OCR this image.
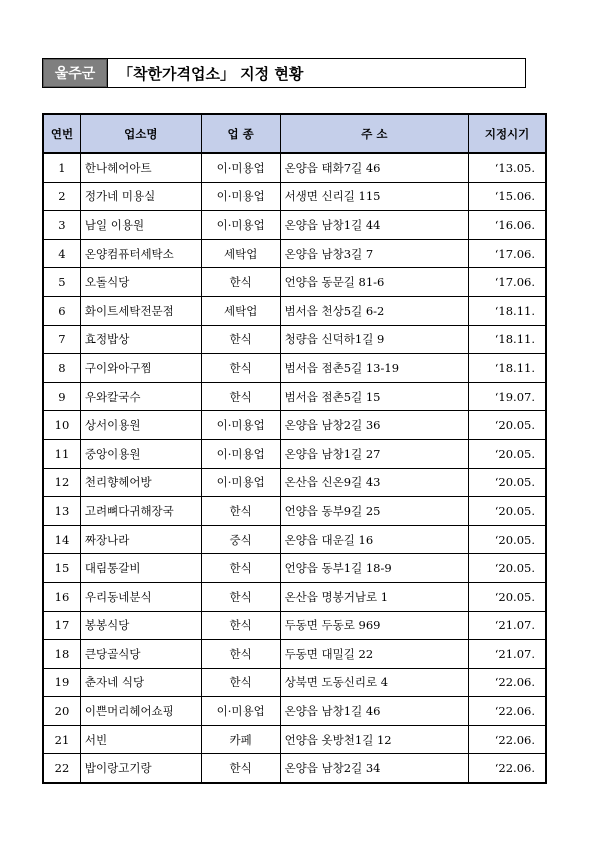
울주군	「착한가격업소」 지정 현황
연번	업소명	업 종	주 소	지정시기
1	한나헤어아트	이·미용업	온양읍 태화7길 46	‘13.05.
2	정가네 미용실	이·미용업	서생면 신리길 115	‘15.06.
3	남일 이용원	이·미용업	온양읍 남창1길 44	‘16.06.
4	온양컴퓨터세탁소	세탁업	온양읍 남창3길 7	‘17.06.
5	오돌식당	한식	언양읍 동문길 81-6	‘17.06.
6	화이트세탁전문점	세탁업	범서읍 천상5길 6-2	‘18.11.
7	효정밥상	한식	청량읍 신덕하1길 9	‘18.11.
8	구이와아구찜	한식	범서읍 점촌5길 13-19	‘18.11.
9	우와칼국수	한식	범서읍 점촌5길 15	‘19.07.
10	상서이용원	이·미용업	온양읍 남창2길 36	‘20.05.
11	중앙이용원	이·미용업	온양읍 남창1길 27	‘20.05.
12	천리향헤어방	이·미용업	온산읍 신온9길 43	‘20.05.
13	고려뼈다귀해장국	한식	언양읍 동부9길 25	‘20.05.
14	짜장나라	중식	온양읍 대운길 16	‘20.05.
15	대림통갈비	한식	언양읍 동부1길 18-9	‘20.05.
16	우리동네분식	한식	온산읍 명봉거남로 1	‘20.05.
17	봉봉식당	한식	두동면 두동로 969	‘21.07.
18	큰당골식당	한식	두동면 대밀길 22	‘21.07.
19	춘자네 식당	한식	상북면 도동신리로 4	‘22.06.
20	이쁜머리헤어쇼핑	이·미용업	온양읍 남창1길 46	‘22.06.
21	서빈	카페	언양읍 옷방천1길 12	‘22.06.
22	밥이랑고기랑	한식	온양읍 남창2길 34	‘22.06.
